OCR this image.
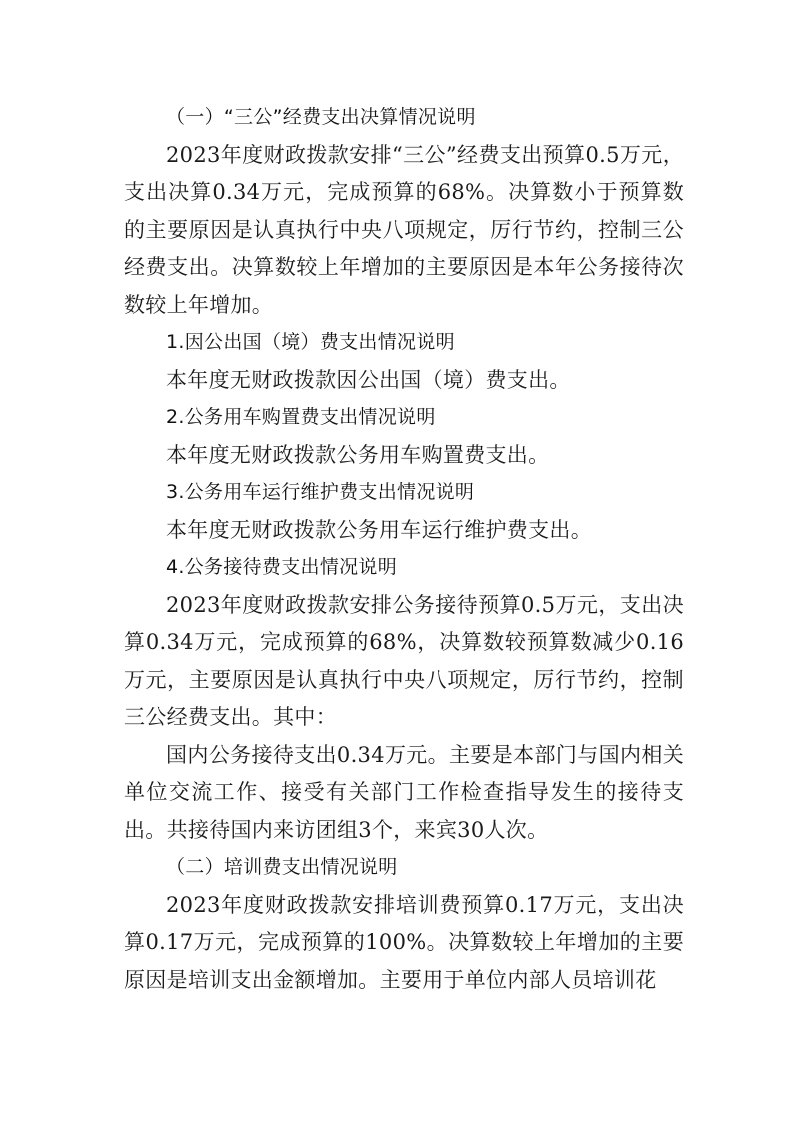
（一）“三公”经费支出决算情况说明

2023年度财政拨款安排“三公”经费支出预算0.5万元，支出决算0.34万元，完成预算的68%。决算数小于预算数的主要原因是认真执行中央八项规定，厉行节约，控制三公经费支出。决算数较上年增加的主要原因是本年公务接待次数较上年增加。

1.因公出国（境）费支出情况说明

本年度无财政拨款因公出国（境）费支出。

2.公务用车购置费支出情况说明

本年度无财政拨款公务用车购置费支出。

3.公务用车运行维护费支出情况说明

本年度无财政拨款公务用车运行维护费支出。

4.公务接待费支出情况说明

2023年度财政拨款安排公务接待预算0.5万元，支出决算0.34万元，完成预算的68%，决算数较预算数减少0.16万元，主要原因是认真执行中央八项规定，厉行节约，控制三公经费支出。其中：

国内公务接待支出0.34万元。主要是本部门与国内相关单位交流工作、接受有关部门工作检查指导发生的接待支出。共接待国内来访团组3个，来宾30人次。

（二）培训费支出情况说明

2023年度财政拨款安排培训费预算0.17万元，支出决算0.17万元，完成预算的100%。决算数较上年增加的主要原因是培训支出金额增加。主要用于单位内部人员培训花
